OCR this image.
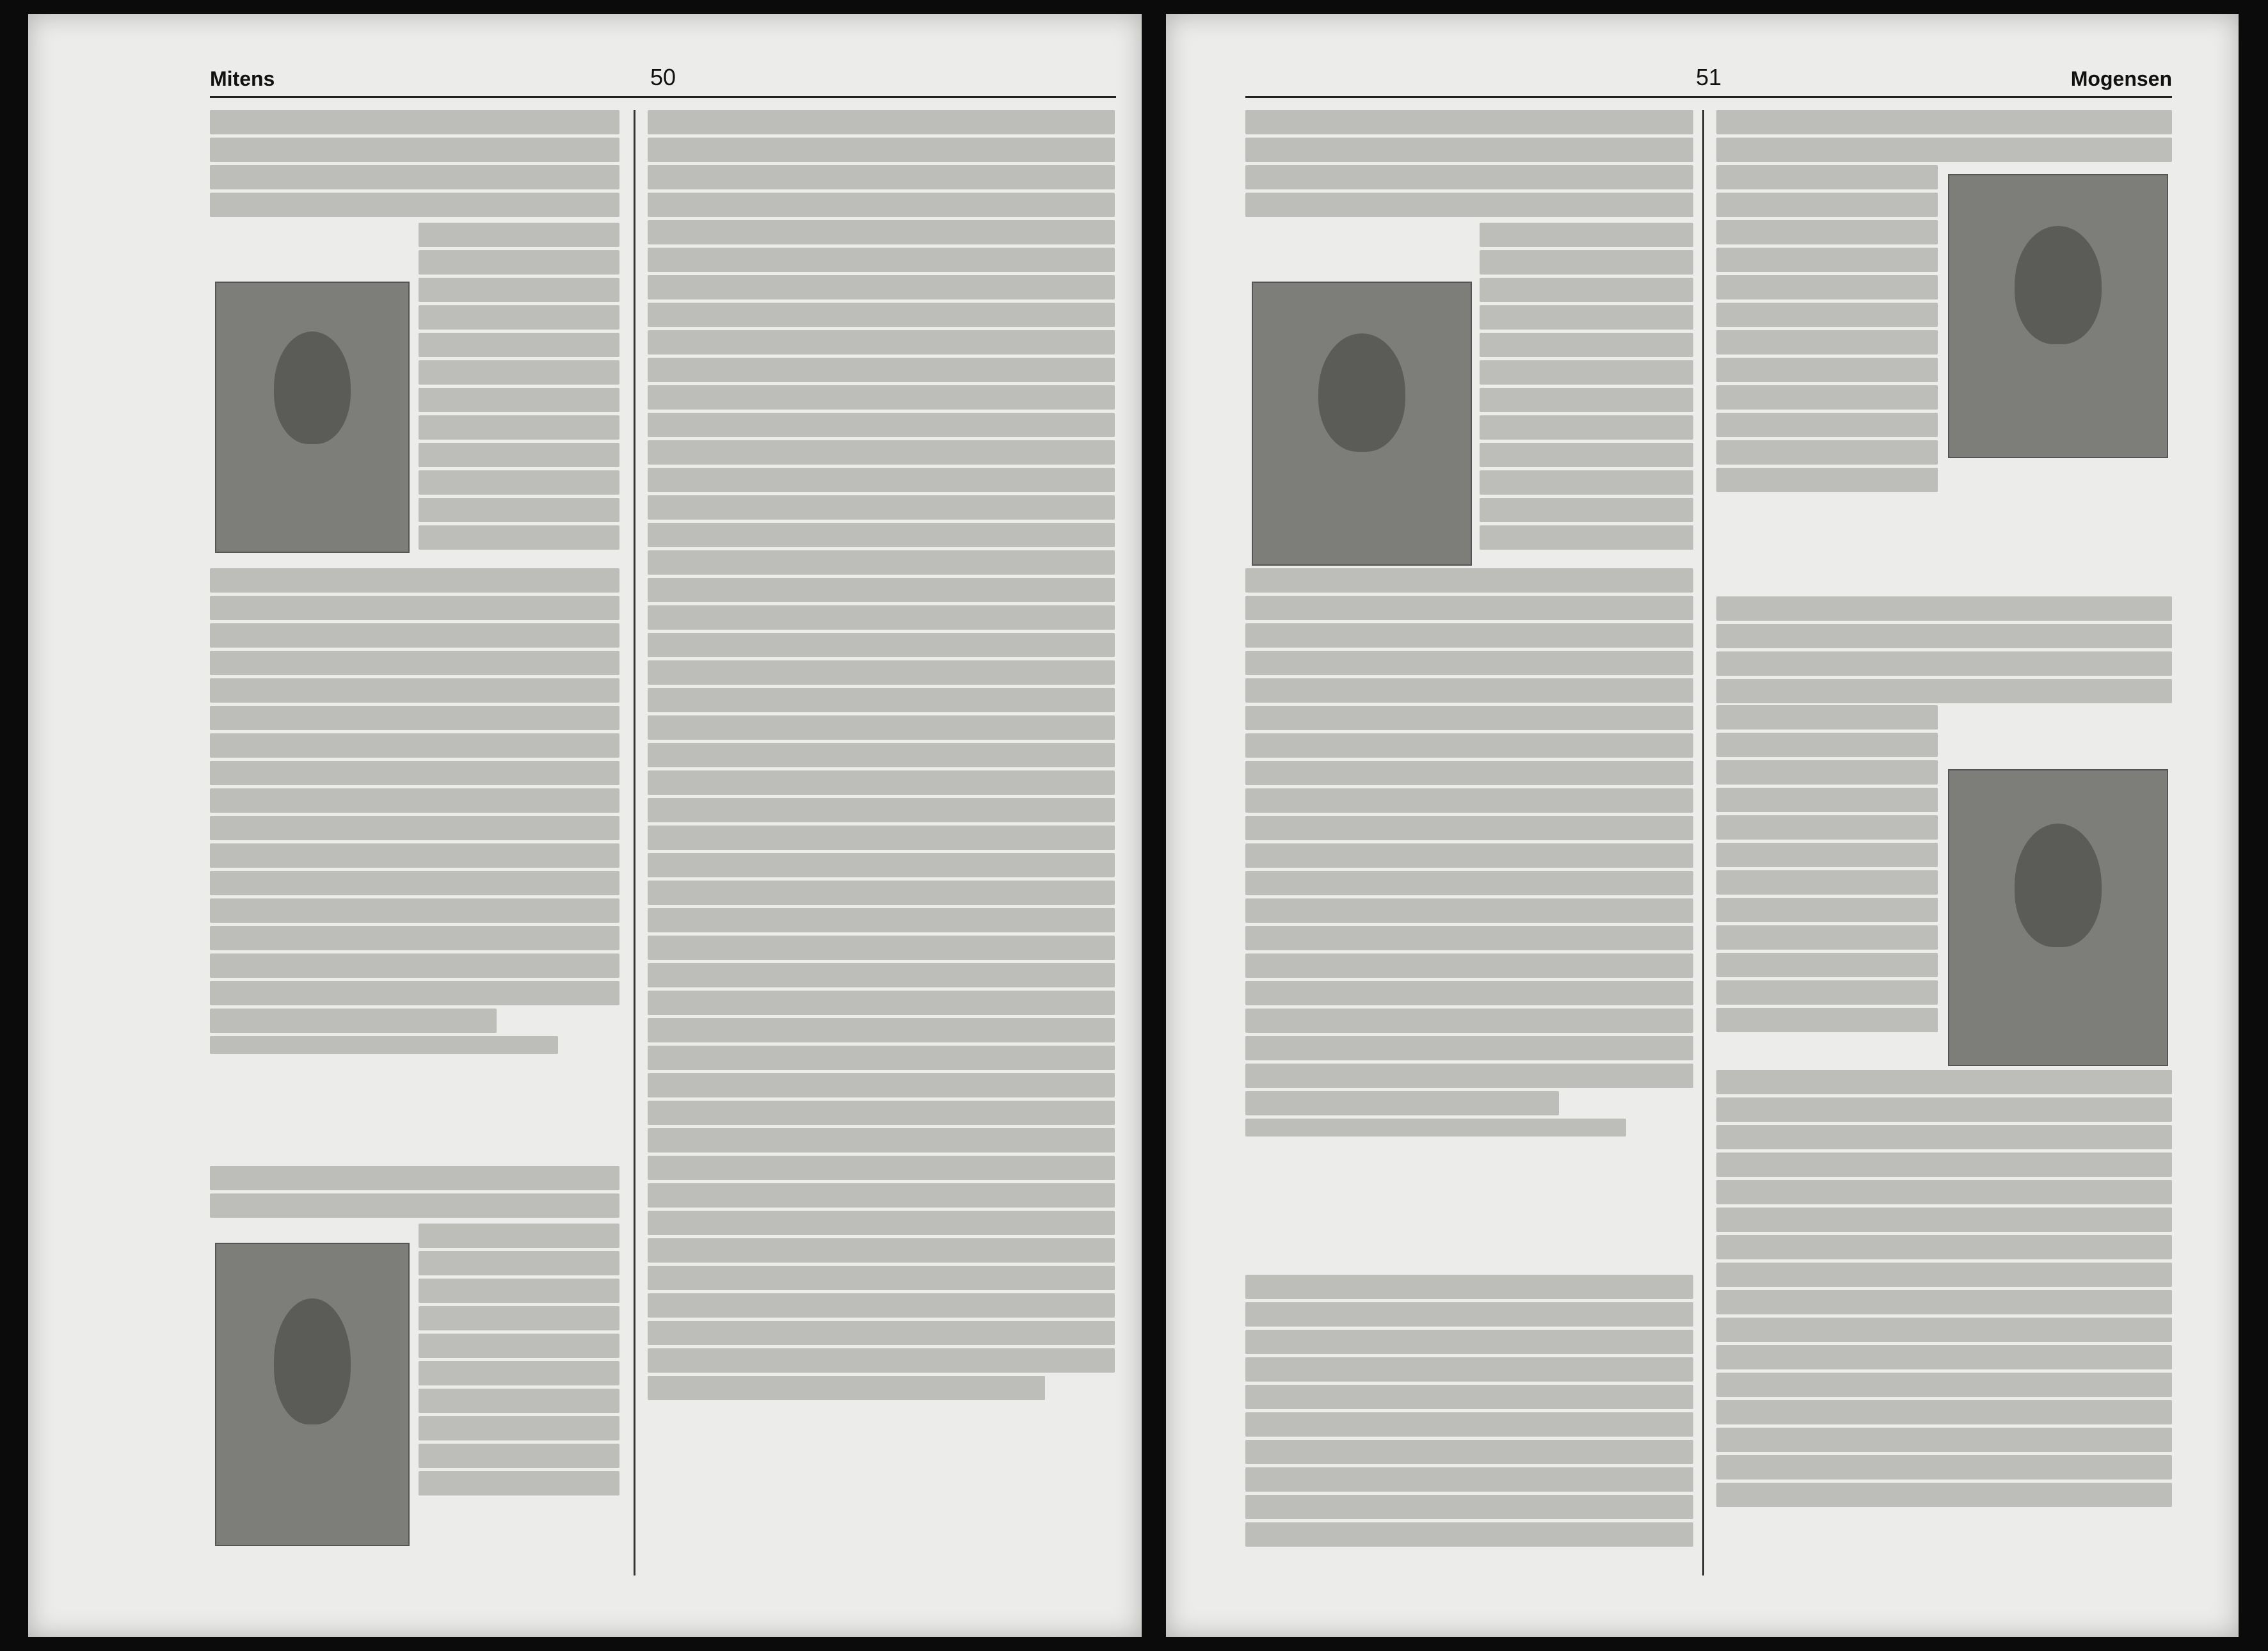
Mitens	50	51	Mogensen
